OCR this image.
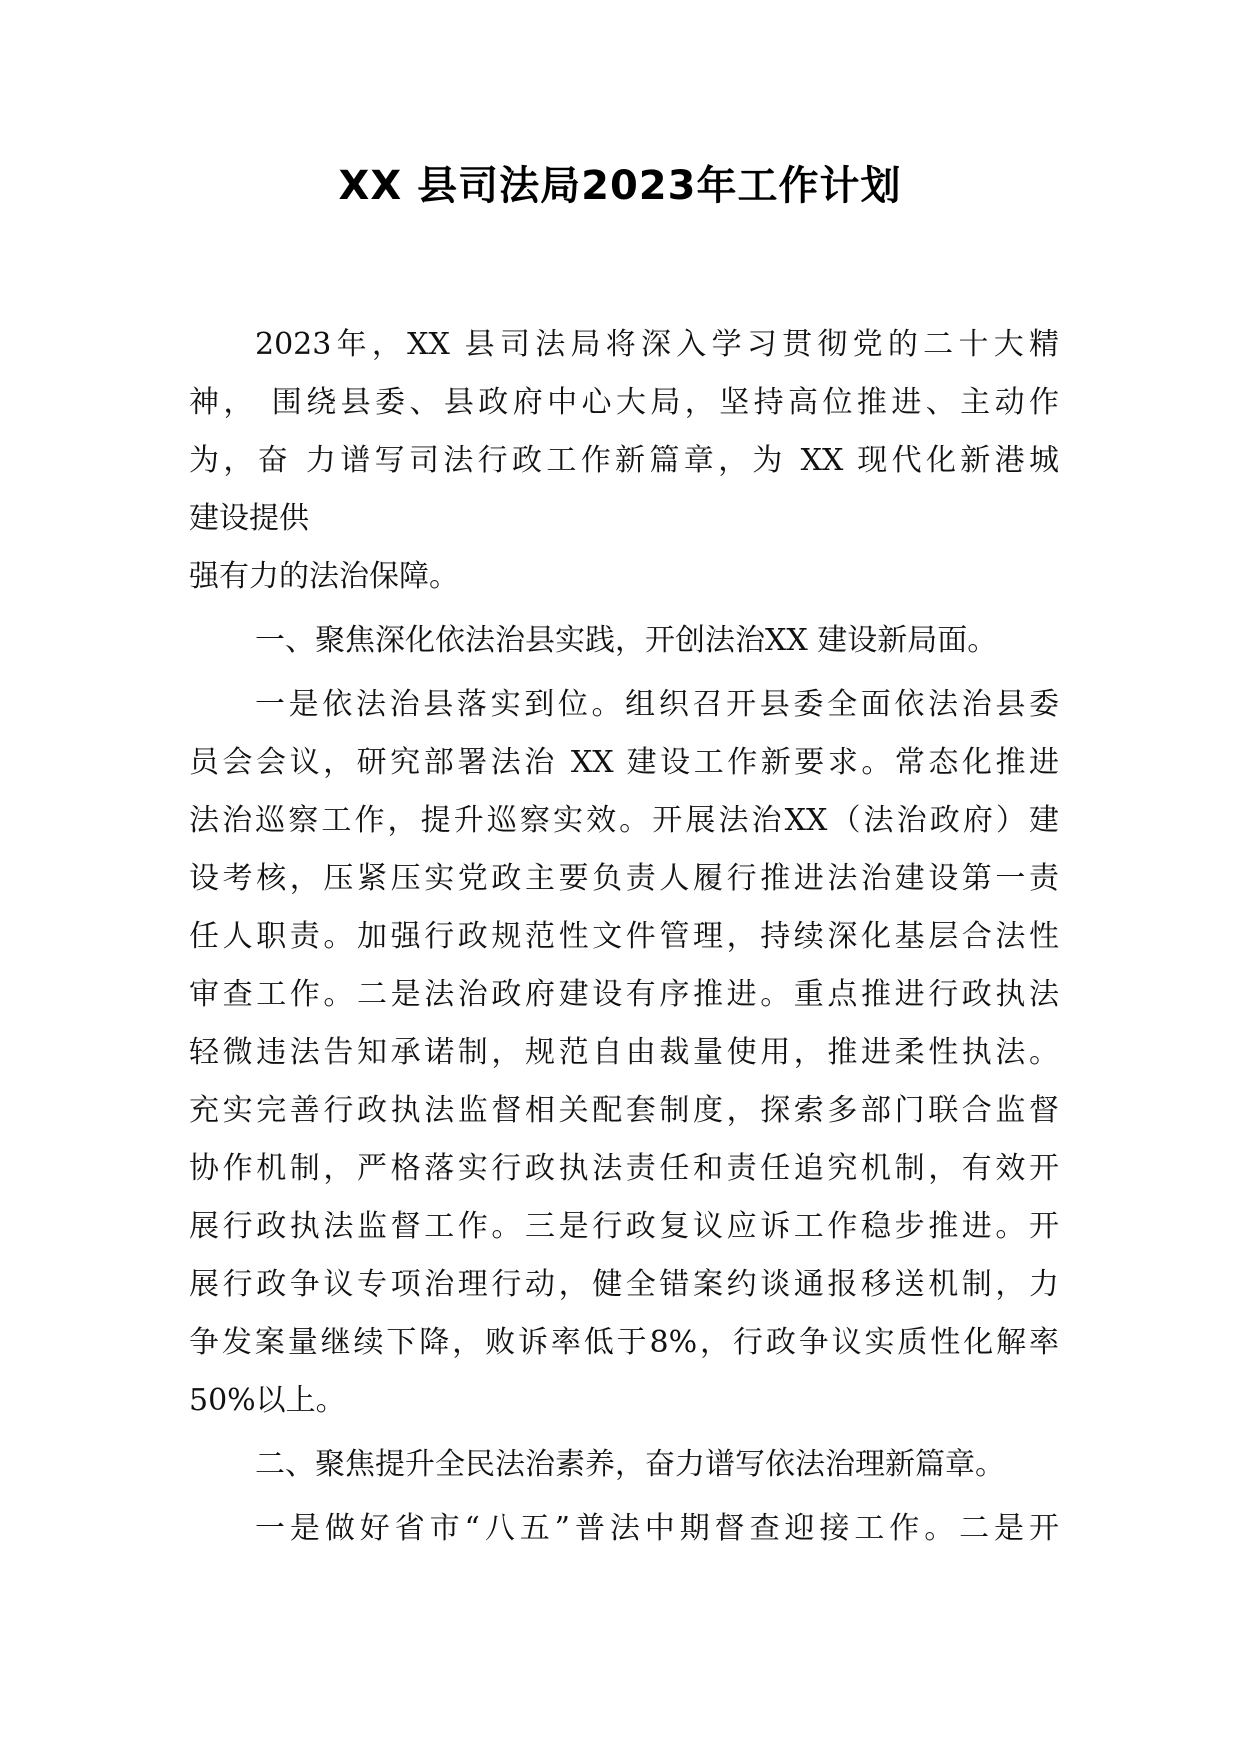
XX 县司法局2023年工作计划
2023年，XX 县司法局将深入学习贯彻党的二十大精
神， 围绕县委、县政府中心大局，坚持高位推进、主动作
为，奋 力谱写司法行政工作新篇章，为 XX 现代化新港城
建设提供
强有力的法治保障。
一、聚焦深化依法治县实践，开创法治XX 建设新局面。
一是依法治县落实到位。组织召开县委全面依法治县委
员会会议，研究部署法治 XX 建设工作新要求。常态化推进
法治巡察工作，提升巡察实效。开展法治XX（法治政府）建
设考核，压紧压实党政主要负责人履行推进法治建设第一责
任人职责。加强行政规范性文件管理，持续深化基层合法性
审查工作。二是法治政府建设有序推进。重点推进行政执法
轻微违法告知承诺制，规范自由裁量使用，推进柔性执法。
充实完善行政执法监督相关配套制度，探索多部门联合监督
协作机制，严格落实行政执法责任和责任追究机制，有效开
展行政执法监督工作。三是行政复议应诉工作稳步推进。开
展行政争议专项治理行动，健全错案约谈通报移送机制，力
争发案量继续下降，败诉率低于8%，行政争议实质性化解率
50%以上。
二、聚焦提升全民法治素养，奋力谱写依法治理新篇章。
一是做好省市“八五”普法中期督查迎接工作。二是开
